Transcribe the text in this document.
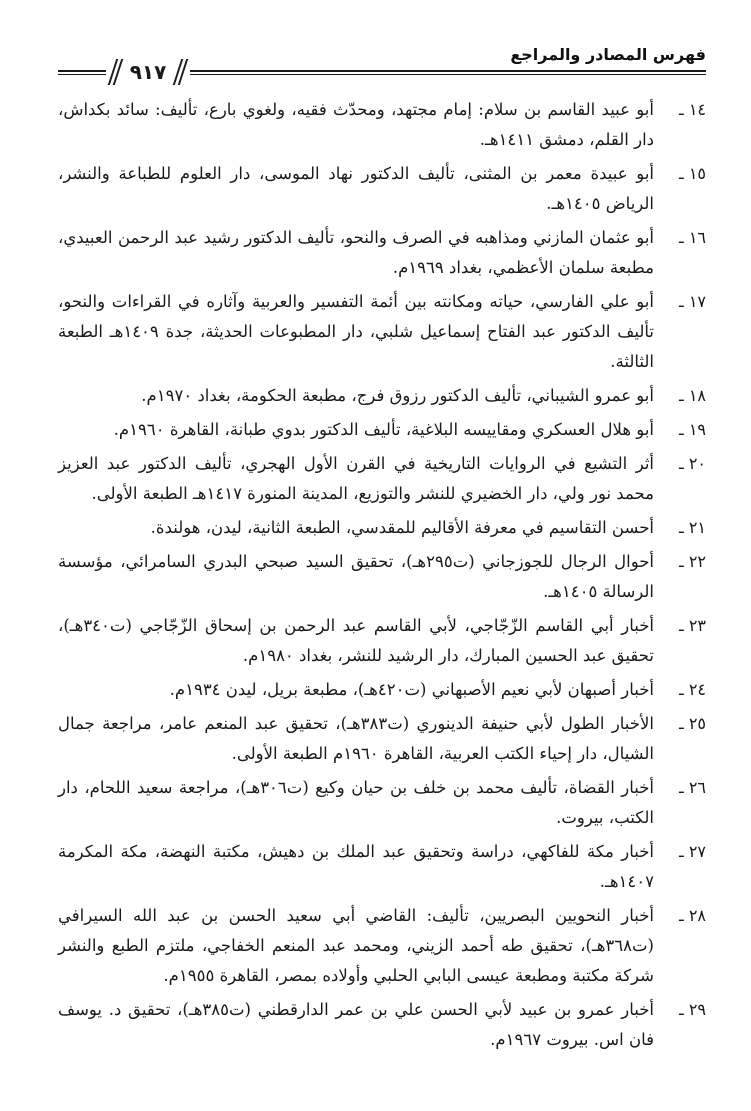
فهرس المصادر والمراجع
٩١٧
١٤ ـ
أبو عبيد القاسم بن سلام: إمام مجتهد، ومحدّث فقيه، ولغوي بارع، تأليف: سائد بكداش، دار القلم، دمشق ١٤١١هـ.
١٥ ـ
أبو عبيدة معمر بن المثنى، تأليف الدكتور نهاد الموسى، دار العلوم للطباعة والنشر، الرياض ١٤٠٥هـ.
١٦ ـ
أبو عثمان المازني ومذاهبه في الصرف والنحو، تأليف الدكتور رشيد عبد الرحمن العبيدي، مطبعة سلمان الأعظمي، بغداد ١٩٦٩م.
١٧ ـ
أبو علي الفارسي، حياته ومكانته بين أئمة التفسير والعربية وآثاره في القراءات والنحو، تأليف الدكتور عبد الفتاح إسماعيل شلبي، دار المطبوعات الحديثة، جدة ١٤٠٩هـ الطبعة الثالثة.
١٨ ـ
أبو عمرو الشيباني، تأليف الدكتور رزوق فرج، مطبعة الحكومة، بغداد ١٩٧٠م.
١٩ ـ
أبو هلال العسكري ومقاييسه البلاغية، تأليف الدكتور بدوي طبانة، القاهرة ١٩٦٠م.
٢٠ ـ
أثر التشيع في الروايات التاريخية في القرن الأول الهجري، تأليف الدكتور عبد العزيز محمد نور ولي، دار الخضيري للنشر والتوزيع، المدينة المنورة ١٤١٧هـ الطبعة الأولى.
٢١ ـ
أحسن التقاسيم في معرفة الأقاليم للمقدسي، الطبعة الثانية، ليدن، هولندة.
٢٢ ـ
أحوال الرجال للجوزجاني (ت٢٩٥هـ)، تحقيق السيد صبحي البدري السامرائي، مؤسسة الرسالة ١٤٠٥هـ.
٢٣ ـ
أخبار أبي القاسم الزّجّاجي، لأبي القاسم عبد الرحمن بن إسحاق الزّجّاجي (ت٣٤٠هـ)، تحقيق عبد الحسين المبارك، دار الرشيد للنشر، بغداد ١٩٨٠م.
٢٤ ـ
أخبار أصبهان لأبي نعيم الأصبهاني (ت٤٢٠هـ)، مطبعة بريل، ليدن ١٩٣٤م.
٢٥ ـ
الأخبار الطول لأبي حنيفة الدينوري (ت٣٨٣هـ)، تحقيق عبد المنعم عامر، مراجعة جمال الشيال، دار إحياء الكتب العربية، القاهرة ١٩٦٠م الطبعة الأولى.
٢٦ ـ
أخبار القضاة، تأليف محمد بن خلف بن حيان وكيع (ت٣٠٦هـ)، مراجعة سعيد اللحام، دار الكتب، بيروت.
٢٧ ـ
أخبار مكة للفاكهي، دراسة وتحقيق عبد الملك بن دهيش، مكتبة النهضة، مكة المكرمة ١٤٠٧هـ.
٢٨ ـ
أخبار النحويين البصريين، تأليف: القاضي أبي سعيد الحسن بن عبد الله السيرافي (ت٣٦٨هـ)، تحقيق طه أحمد الزيني، ومحمد عبد المنعم الخفاجي، ملتزم الطبع والنشر شركة مكتبة ومطبعة عيسى البابي الحلبي وأولاده بمصر، القاهرة ١٩٥٥م.
٢٩ ـ
أخبار عمرو بن عبيد لأبي الحسن علي بن عمر الدارقطني (ت٣٨٥هـ)، تحقيق د. يوسف فان اس. بيروت ١٩٦٧م.
